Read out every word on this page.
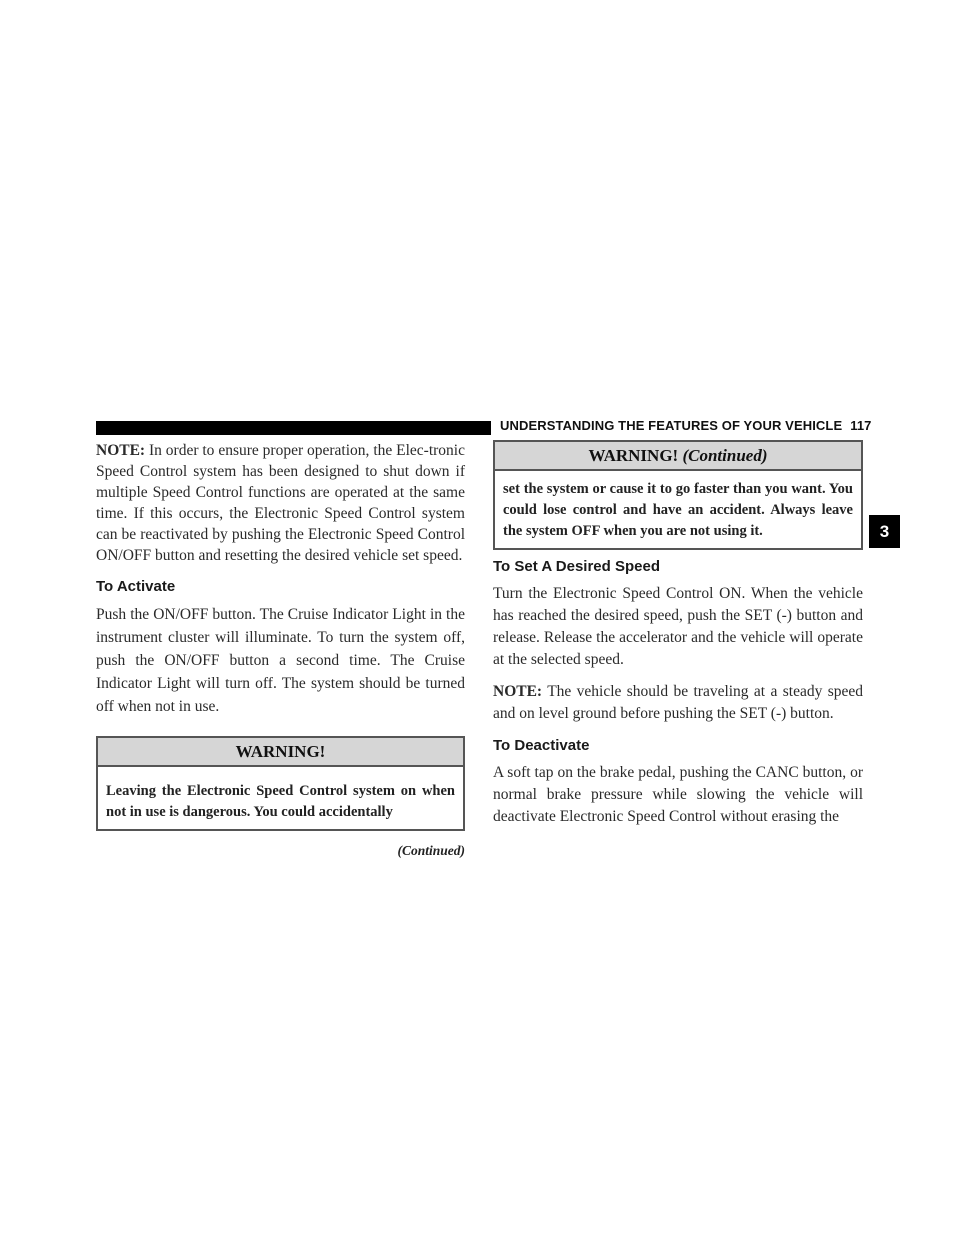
UNDERSTANDING THE FEATURES OF YOUR VEHICLE 117
3

NOTE: In order to ensure proper operation, the Elec-tronic Speed Control system has been designed to shut down if multiple Speed Control functions are operated at the same time. If this occurs, the Electronic Speed Control system can be reactivated by pushing the Electronic Speed Control ON/OFF button and resetting the desired vehicle set speed.

To Activate

Push the ON/OFF button. The Cruise Indicator Light in the instrument cluster will illuminate. To turn the system off, push the ON/OFF button a second time. The Cruise Indicator Light will turn off. The system should be turned off when not in use.

WARNING!
Leaving the Electronic Speed Control system on when not in use is dangerous. You could accidentally
(Continued)
WARNING! (Continued)
set the system or cause it to go faster than you want. You could lose control and have an accident. Always leave the system OFF when you are not using it.
To Set A Desired Speed

Turn the Electronic Speed Control ON. When the vehicle has reached the desired speed, push the SET (-) button and release. Release the accelerator and the vehicle will operate at the selected speed.

NOTE: The vehicle should be traveling at a steady speed and on level ground before pushing the SET (-) button.

To Deactivate

A soft tap on the brake pedal, pushing the CANC button, or normal brake pressure while slowing the vehicle will deactivate Electronic Speed Control without erasing the
